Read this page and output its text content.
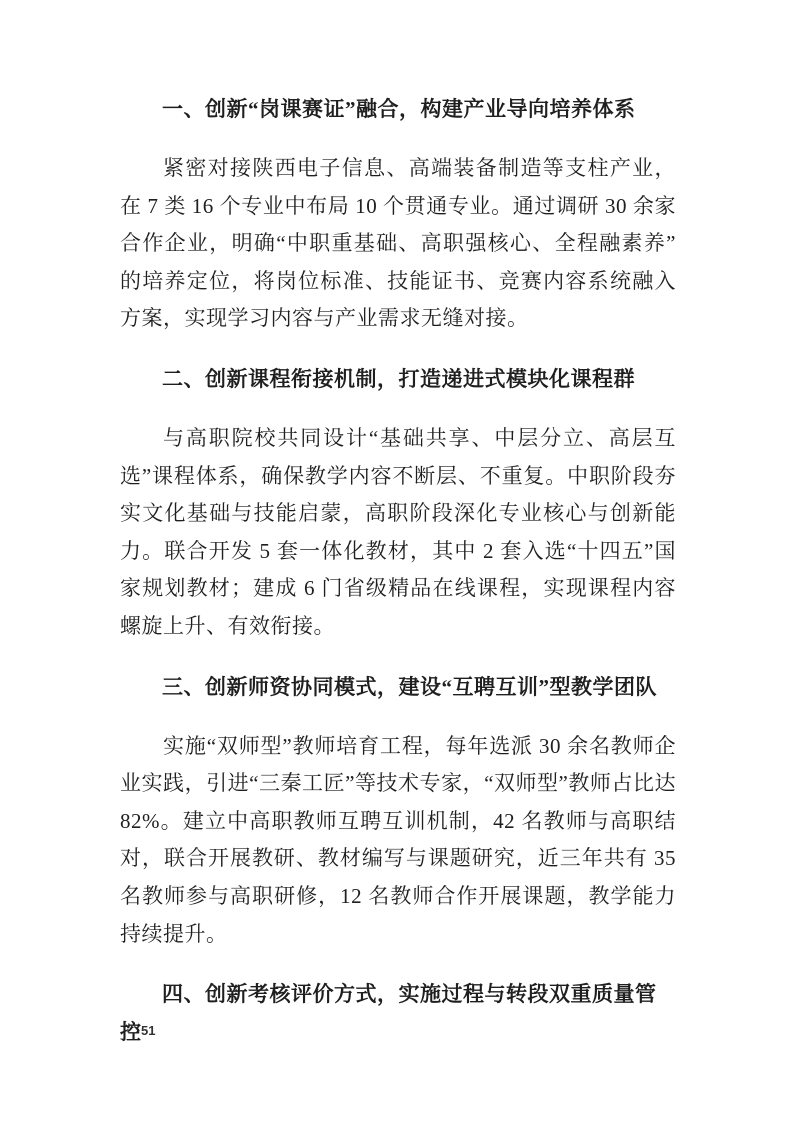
一、创新“岗课赛证”融合，构建产业导向培养体系

紧密对接陕西电子信息、高端装备制造等支柱产业，在 7 类 16 个专业中布局 10 个贯通专业。通过调研 30 余家合作企业，明确“中职重基础、高职强核心、全程融素养”的培养定位，将岗位标准、技能证书、竞赛内容系统融入方案，实现学习内容与产业需求无缝对接。

二、创新课程衔接机制，打造递进式模块化课程群

与高职院校共同设计“基础共享、中层分立、高层互选”课程体系，确保教学内容不断层、不重复。中职阶段夯实文化基础与技能启蒙，高职阶段深化专业核心与创新能力。联合开发 5 套一体化教材，其中 2 套入选“十四五”国家规划教材；建成 6 门省级精品在线课程，实现课程内容螺旋上升、有效衔接。

三、创新师资协同模式，建设“互聘互训”型教学团队

实施“双师型”教师培育工程，每年选派 30 余名教师企业实践，引进“三秦工匠”等技术专家，“双师型”教师占比达 82%。建立中高职教师互聘互训机制，42 名教师与高职结对，联合开展教研、教材编写与课题研究，近三年共有 35 名教师参与高职研修，12 名教师合作开展课题，教学能力持续提升。

四、创新考核评价方式，实施过程与转段双重质量管控 51
